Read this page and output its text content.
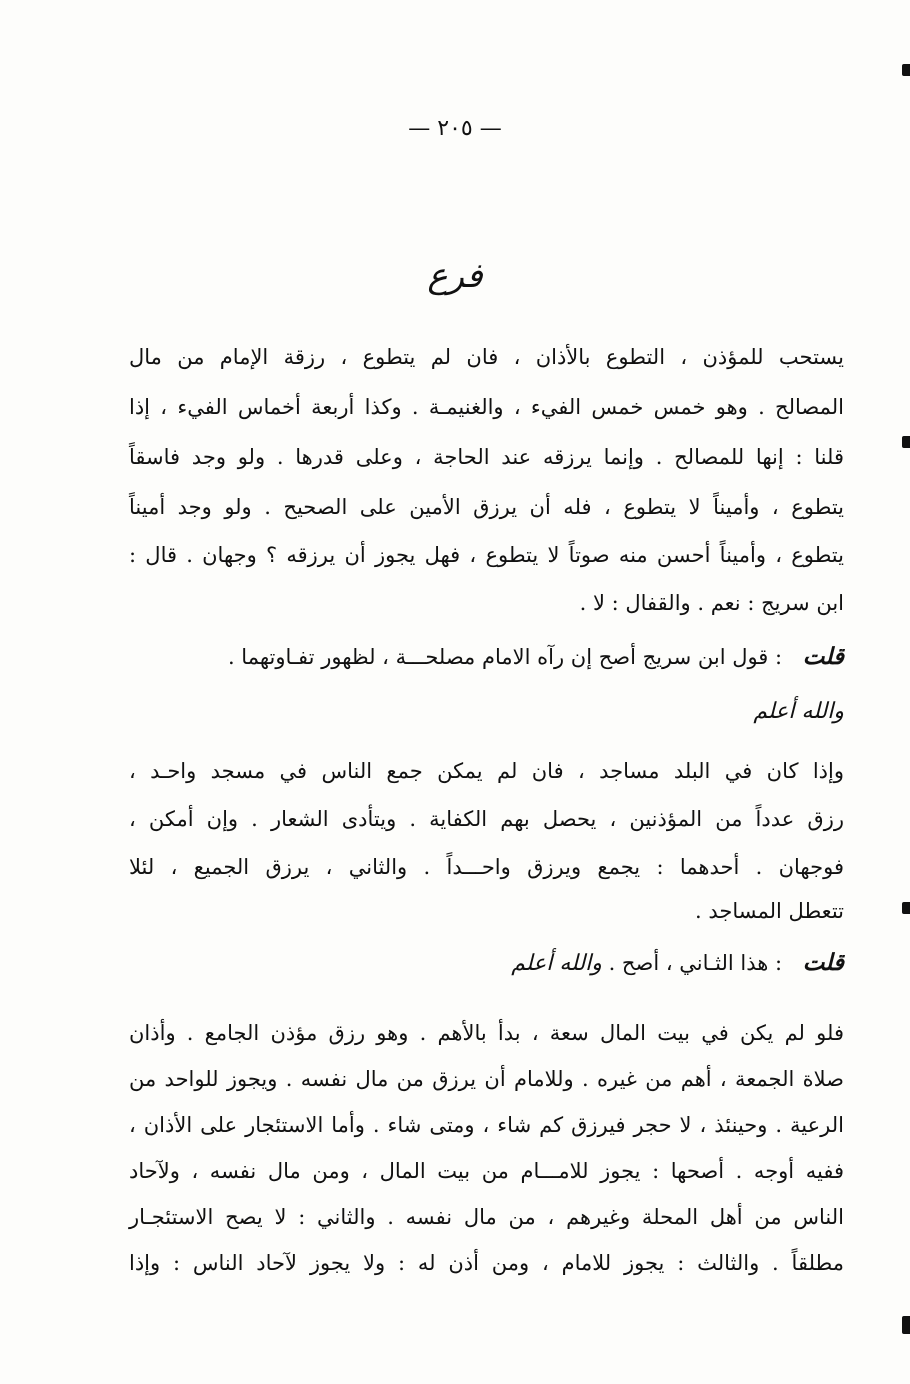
— ٢٠٥ —
فرع
يستحب للمؤذن ، التطوع بالأذان ، فان لم يتطوع ، رزقة الإمام من مال
المصالح . وهو خمس خمس الفيء ، والغنيمـة . وكذا أربعة أخماس الفيء ، إذا
قلنا : إنها للمصالح . وإنما يرزقه عند الحاجة ، وعلى قدرها . ولو وجد فاسقاً
يتطوع ، وأميناً لا يتطوع ، فله أن يرزق الأمين على الصحيح . ولو وجد أميناً
يتطوع ، وأميناً أحسن منه صوتاً لا يتطوع ، فهل يجوز أن يرزقه ؟ وجهان . قال :
ابن سريج : نعم . والقفال : لا .
قلت : قول ابن سريج أصح إن رآه الامام مصلحـــة ، لظهور تفـاوتهما .
والله أعلم
وإذا كان في البلد مساجد ، فان لم يمكن جمع الناس في مسجد واحـد ،
رزق عدداً من المؤذنين ، يحصل بهم الكفاية . ويتأدى الشعار . وإن أمكن ،
فوجهان . أحدهما : يجمع ويرزق واحـــداً . والثاني ، يرزق الجميع ، لئلا
تتعطل المساجد .
قلت : هذا الثـاني ، أصح . والله أعلم
فلو لم يكن في بيت المال سعة ، بدأ بالأهم . وهو رزق مؤذن الجامع . وأذان
صلاة الجمعة ، أهم من غيره . وللامام أن يرزق من مال نفسه . ويجوز للواحد من
الرعية . وحينئذ ، لا حجر فيرزق كم شاء ، ومتى شاء . وأما الاستئجار على الأذان ،
ففيه أوجه . أصحها : يجوز للامـــام من بيت المال ، ومن مال نفسه ، ولآحاد
الناس من أهل المحلة وغيرهم ، من مال نفسه . والثاني : لا يصح الاستئجـار
مطلقاً . والثالث : يجوز للامام ، ومن أذن له : ولا يجوز لآحاد الناس : وإذا
